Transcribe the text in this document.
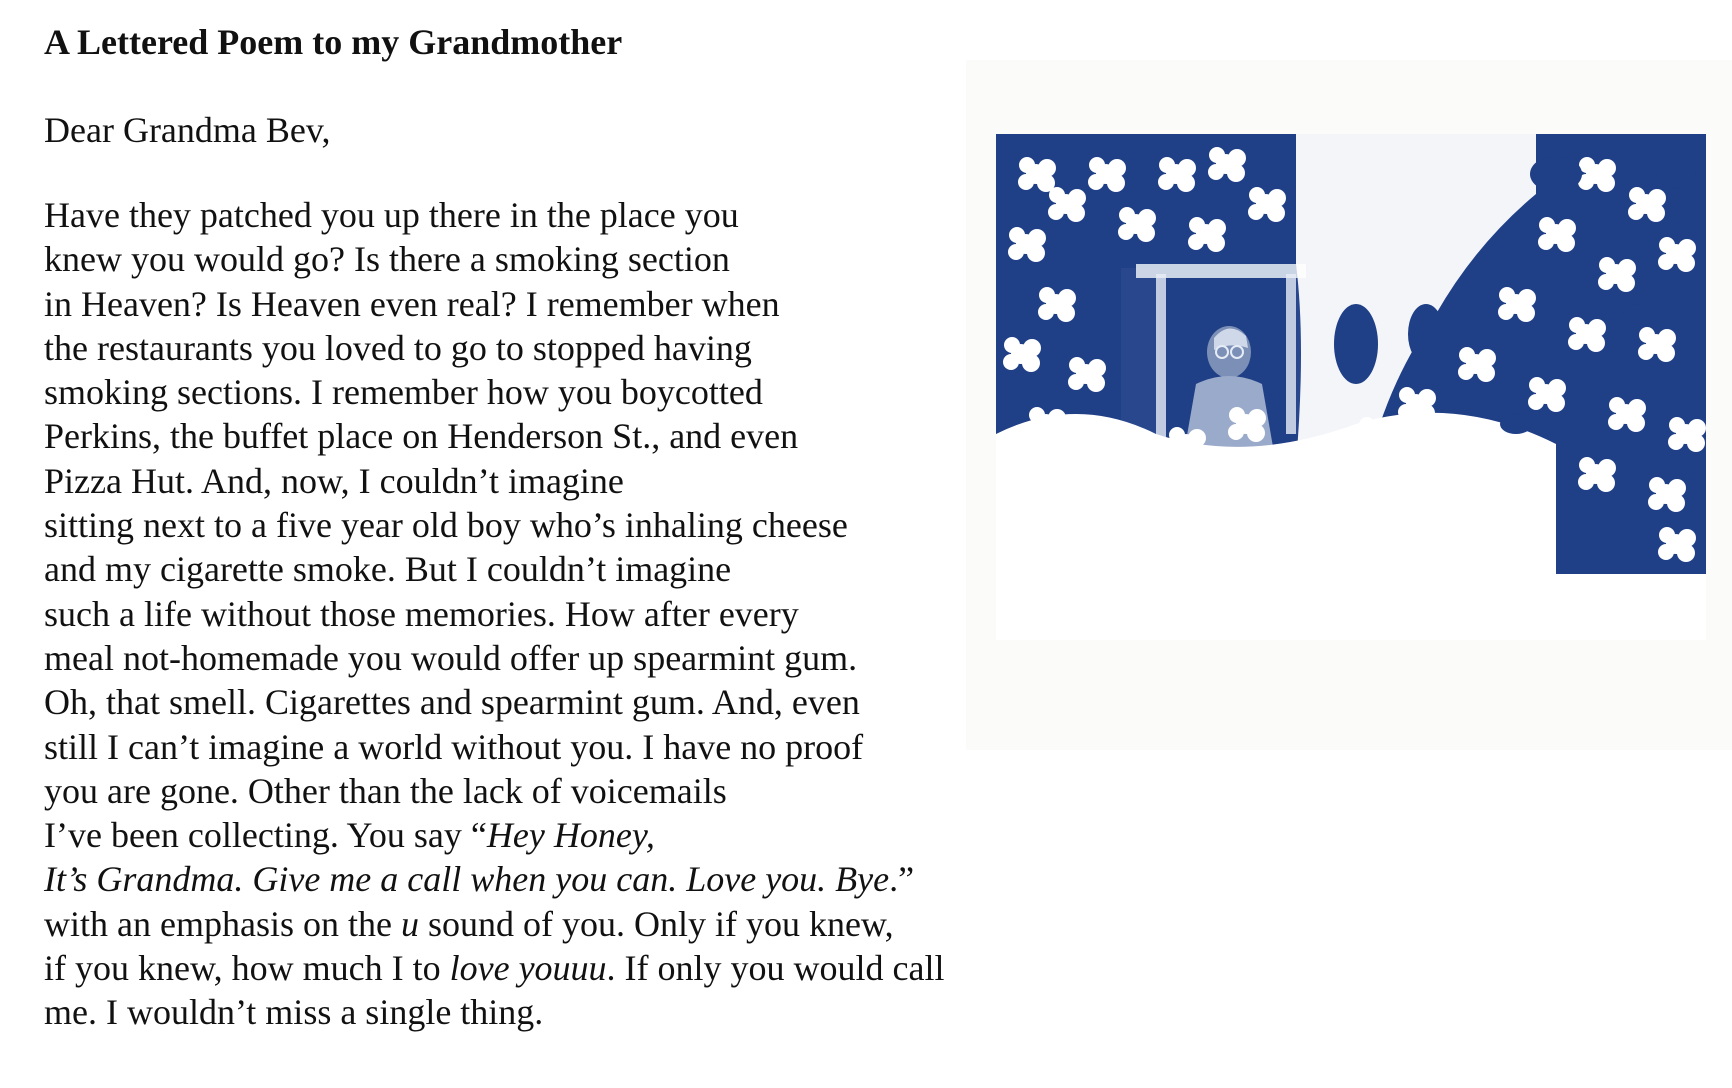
A Lettered Poem to my Grandmother

Dear Grandma Bev,

Have they patched you up there in the place you
knew you would go? Is there a smoking section
in Heaven? Is Heaven even real? I remember when
the restaurants you loved to go to stopped having
smoking sections. I remember how you boycotted
Perkins, the buffet place on Henderson St., and even
Pizza Hut. And, now, I couldn’t imagine
sitting next to a five year old boy who’s inhaling cheese
and my cigarette smoke. But I couldn’t imagine
such a life without those memories. How after every
meal not-homemade you would offer up spearmint gum.
Oh, that smell. Cigarettes and spearmint gum. And, even
still I can’t imagine a world without you. I have no proof
you are gone. Other than the lack of voicemails
I’ve been collecting. You say “Hey Honey,
It’s Grandma. Give me a call when you can. Love you. Bye.”
with an emphasis on the u sound of you. Only if you knew,
if you knew, how much I to love youuu. If only you would call
me. I wouldn’t miss a single thing.
